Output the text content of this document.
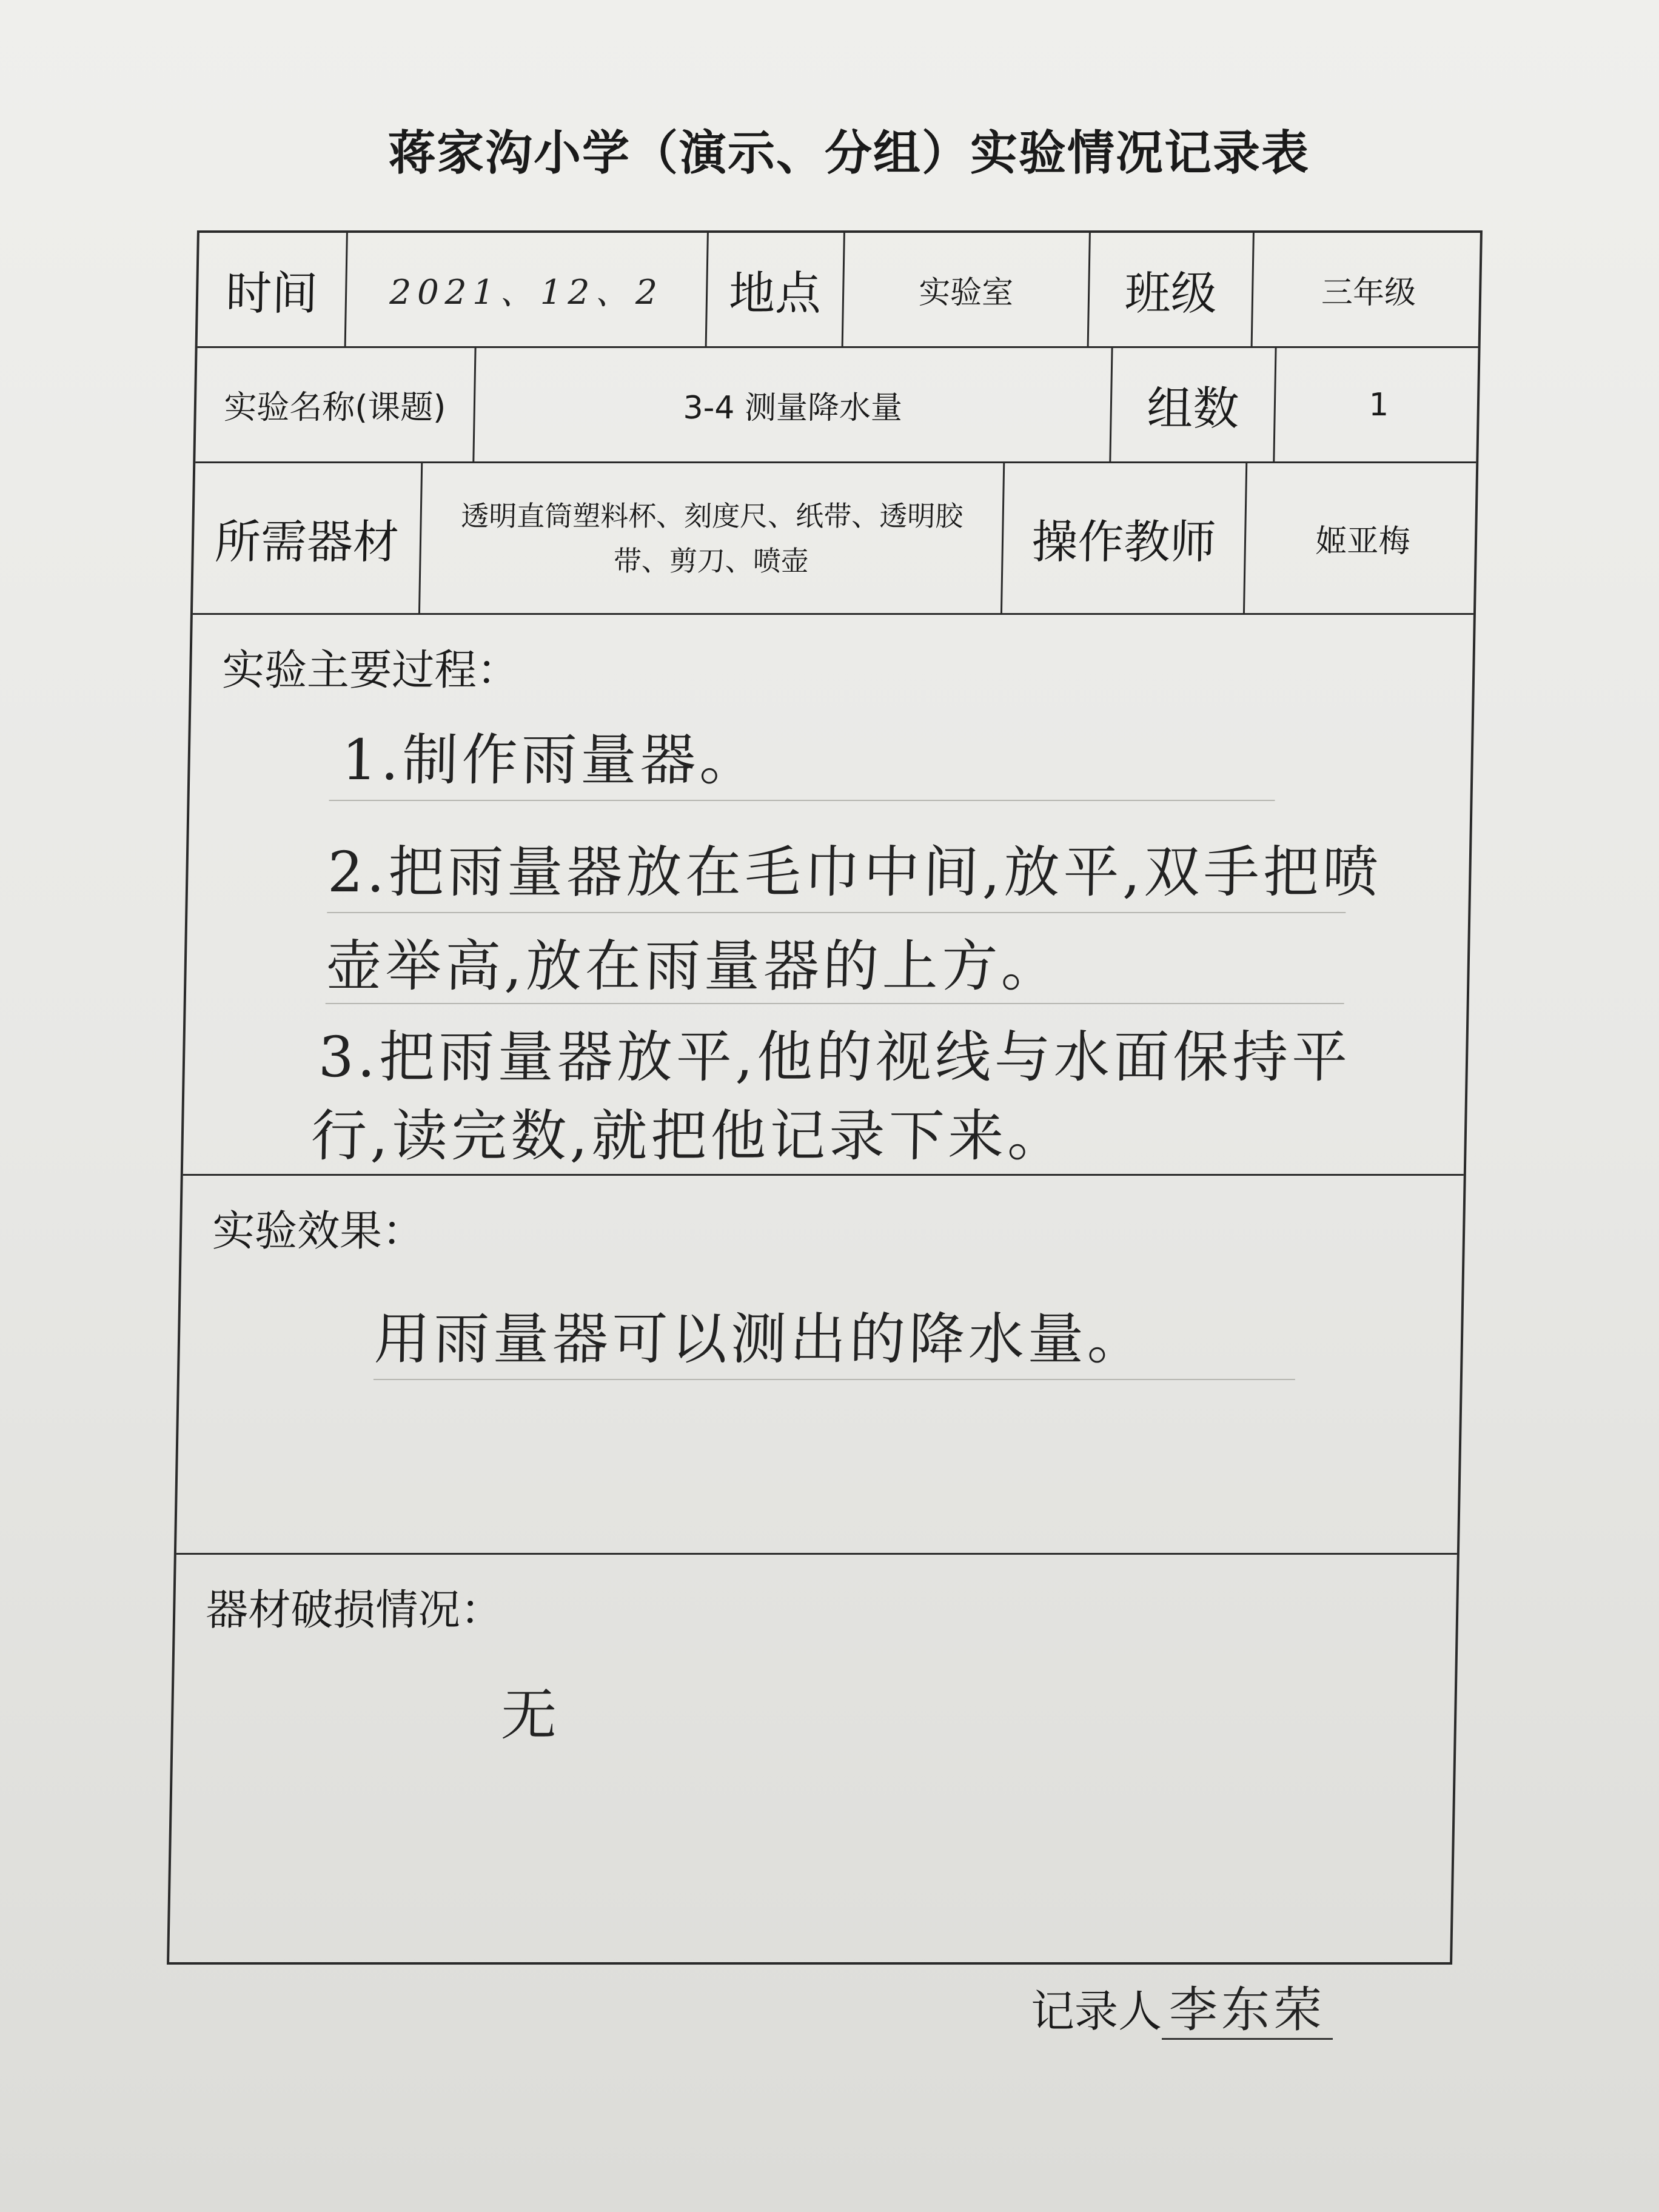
蒋家沟小学（演示、分组）实验情况记录表
时间	2021、12、2	地点	实验室	班级	三年级
实验名称(课题)	3-4 测量降水量	组数	1
所需器材	透明直筒塑料杯、刻度尺、纸带、透明胶带、剪刀、喷壶	操作教师	姬亚梅
实验主要过程：
1.制作雨量器。
2.把雨量器放在毛巾中间,放平,双手把喷
壶举高,放在雨量器的上方。
3.把雨量器放平,他的视线与水面保持平
行,读完数,就把他记录下来。
实验效果：
用雨量器可以测出的降水量。
器材破损情况：
无
记录人 李东荣
